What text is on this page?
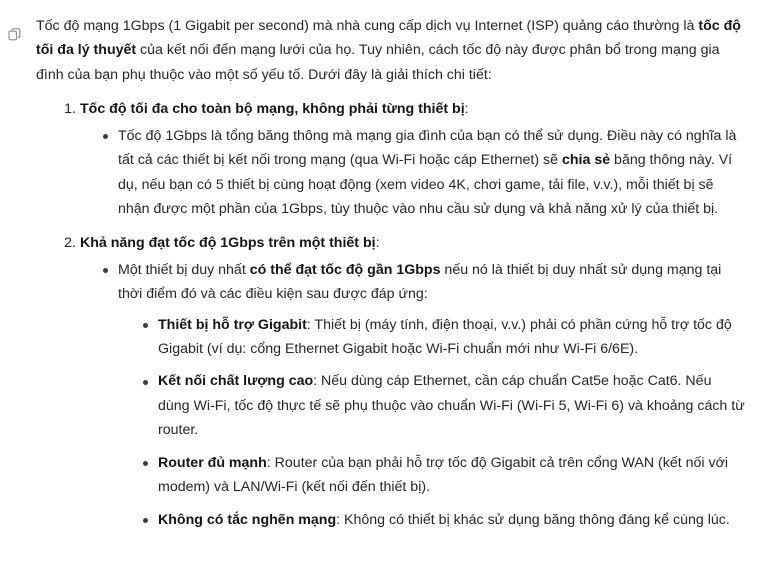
Tốc độ mạng 1Gbps (1 Gigabit per second) mà nhà cung cấp dịch vụ Internet (ISP) quảng cáo thường là tốc độ tối đa lý thuyết của kết nối đến mạng lưới của họ. Tuy nhiên, cách tốc độ này được phân bổ trong mạng gia đình của bạn phụ thuộc vào một số yếu tố. Dưới đây là giải thích chi tiết:

1. Tốc độ tối đa cho toàn bộ mạng, không phải từng thiết bị:
Tốc độ 1Gbps là tổng băng thông mà mạng gia đình của bạn có thể sử dụng. Điều này có nghĩa là tất cả các thiết bị kết nối trong mạng (qua Wi-Fi hoặc cáp Ethernet) sẽ chia sẻ băng thông này. Ví dụ, nếu bạn có 5 thiết bị cùng hoạt động (xem video 4K, chơi game, tải file, v.v.), mỗi thiết bị sẽ nhận được một phần của 1Gbps, tùy thuộc vào nhu cầu sử dụng và khả năng xử lý của thiết bị.
2. Khả năng đạt tốc độ 1Gbps trên một thiết bị:
Một thiết bị duy nhất có thể đạt tốc độ gần 1Gbps nếu nó là thiết bị duy nhất sử dụng mạng tại thời điểm đó và các điều kiện sau được đáp ứng:
Thiết bị hỗ trợ Gigabit: Thiết bị (máy tính, điện thoại, v.v.) phải có phần cứng hỗ trợ tốc độ Gigabit (ví dụ: cổng Ethernet Gigabit hoặc Wi-Fi chuẩn mới như Wi-Fi 6/6E).
Kết nối chất lượng cao: Nếu dùng cáp Ethernet, cần cáp chuẩn Cat5e hoặc Cat6. Nếu dùng Wi-Fi, tốc độ thực tế sẽ phụ thuộc vào chuẩn Wi-Fi (Wi-Fi 5, Wi-Fi 6) và khoảng cách từ router.
Router đủ mạnh: Router của bạn phải hỗ trợ tốc độ Gigabit cả trên cổng WAN (kết nối với modem) và LAN/Wi-Fi (kết nối đến thiết bị).
Không có tắc nghẽn mạng: Không có thiết bị khác sử dụng băng thông đáng kể cùng lúc.
